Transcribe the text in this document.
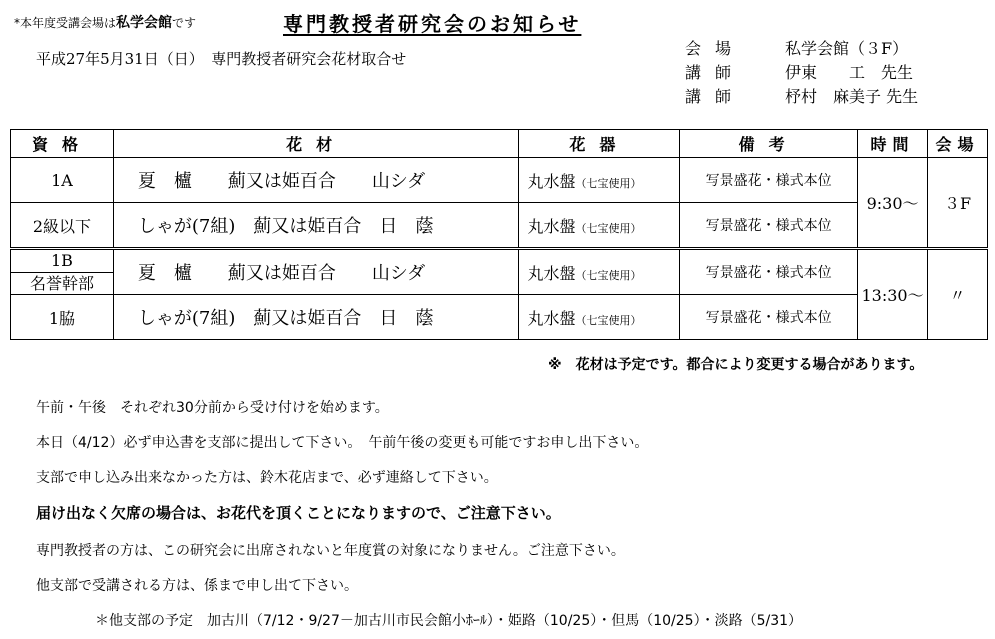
*本年度受講会場は私学会館です	専門教授者研究会のお知らせ
平成27年5月31日（日）　専門教授者研究会花材取合せ
会場 私学会館（３F）
講師 伊東　　工　先生
講師 杼村　麻美子 先生
資格	花材	花器	備考	時間	会場
1A	夏　櫨　　薊又は姫百合　　山シダ	丸水盤（七宝使用）	写景盛花・様式本位	9:30～	３F
2級以下	しゃが(7組)　薊又は姫百合　日　蔭	丸水盤（七宝使用）	写景盛花・様式本位		

1B
名誉幹部	夏　櫨　　薊又は姫百合　　山シダ	丸水盤（七宝使用）	写景盛花・様式本位	13:30～	〃
1脇	しゃが(7組)　薊又は姫百合　日　蔭	丸水盤（七宝使用）	写景盛花・様式本位		
※　花材は予定です。都合により変更する場合があります。
午前・午後　それぞれ30分前から受け付けを始めます。
本日（4/12）必ず申込書を支部に提出して下さい。　午前午後の変更も可能ですお申し出下さい。
支部で申し込み出来なかった方は、鈴木花店まで、必ず連絡して下さい。
届け出なく欠席の場合は、お花代を頂くことになりますので、ご注意下さい。
専門教授者の方は、この研究会に出席されないと年度賞の対象になりません。ご注意下さい。
他支部で受講される方は、係まで申し出て下さい。
＊他支部の予定　加古川（7/12・9/27－加古川市民会館小ﾎｰﾙ）・姫路（10/25）・但馬（10/25）・淡路（5/31）
